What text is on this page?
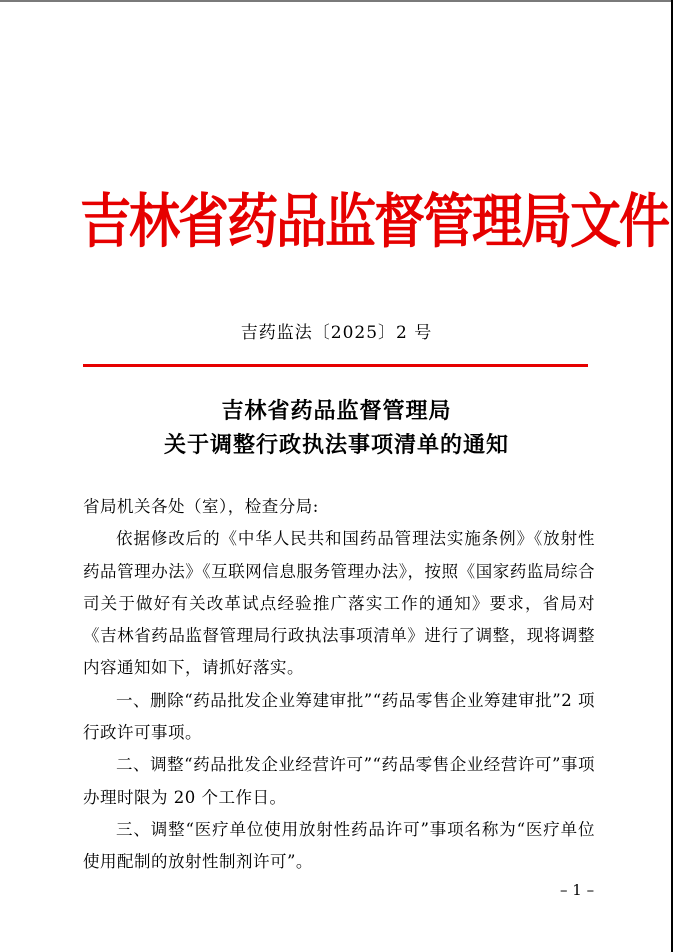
吉林省药品监督管理局文件
吉药监法〔2025〕2 号
吉林省药品监督管理局
关于调整行政执法事项清单的通知

省局机关各处（室），检查分局:

依据修改后的《中华人民共和国药品管理法实施条例》《放射性药品管理办法》《互联网信息服务管理办法》，按照《国家药监局综合司关于做好有关改革试点经验推广落实工作的通知》要求，省局对《吉林省药品监督管理局行政执法事项清单》进行了调整，现将调整内容通知如下，请抓好落实。

一、删除“药品批发企业筹建审批”“药品零售企业筹建审批”2 项行政许可事项。

二、调整“药品批发企业经营许可”“药品零售企业经营许可”事项办理时限为 20 个工作日。

三、调整“医疗单位使用放射性药品许可”事项名称为“医疗单位使用配制的放射性制剂许可”。

– 1 –
